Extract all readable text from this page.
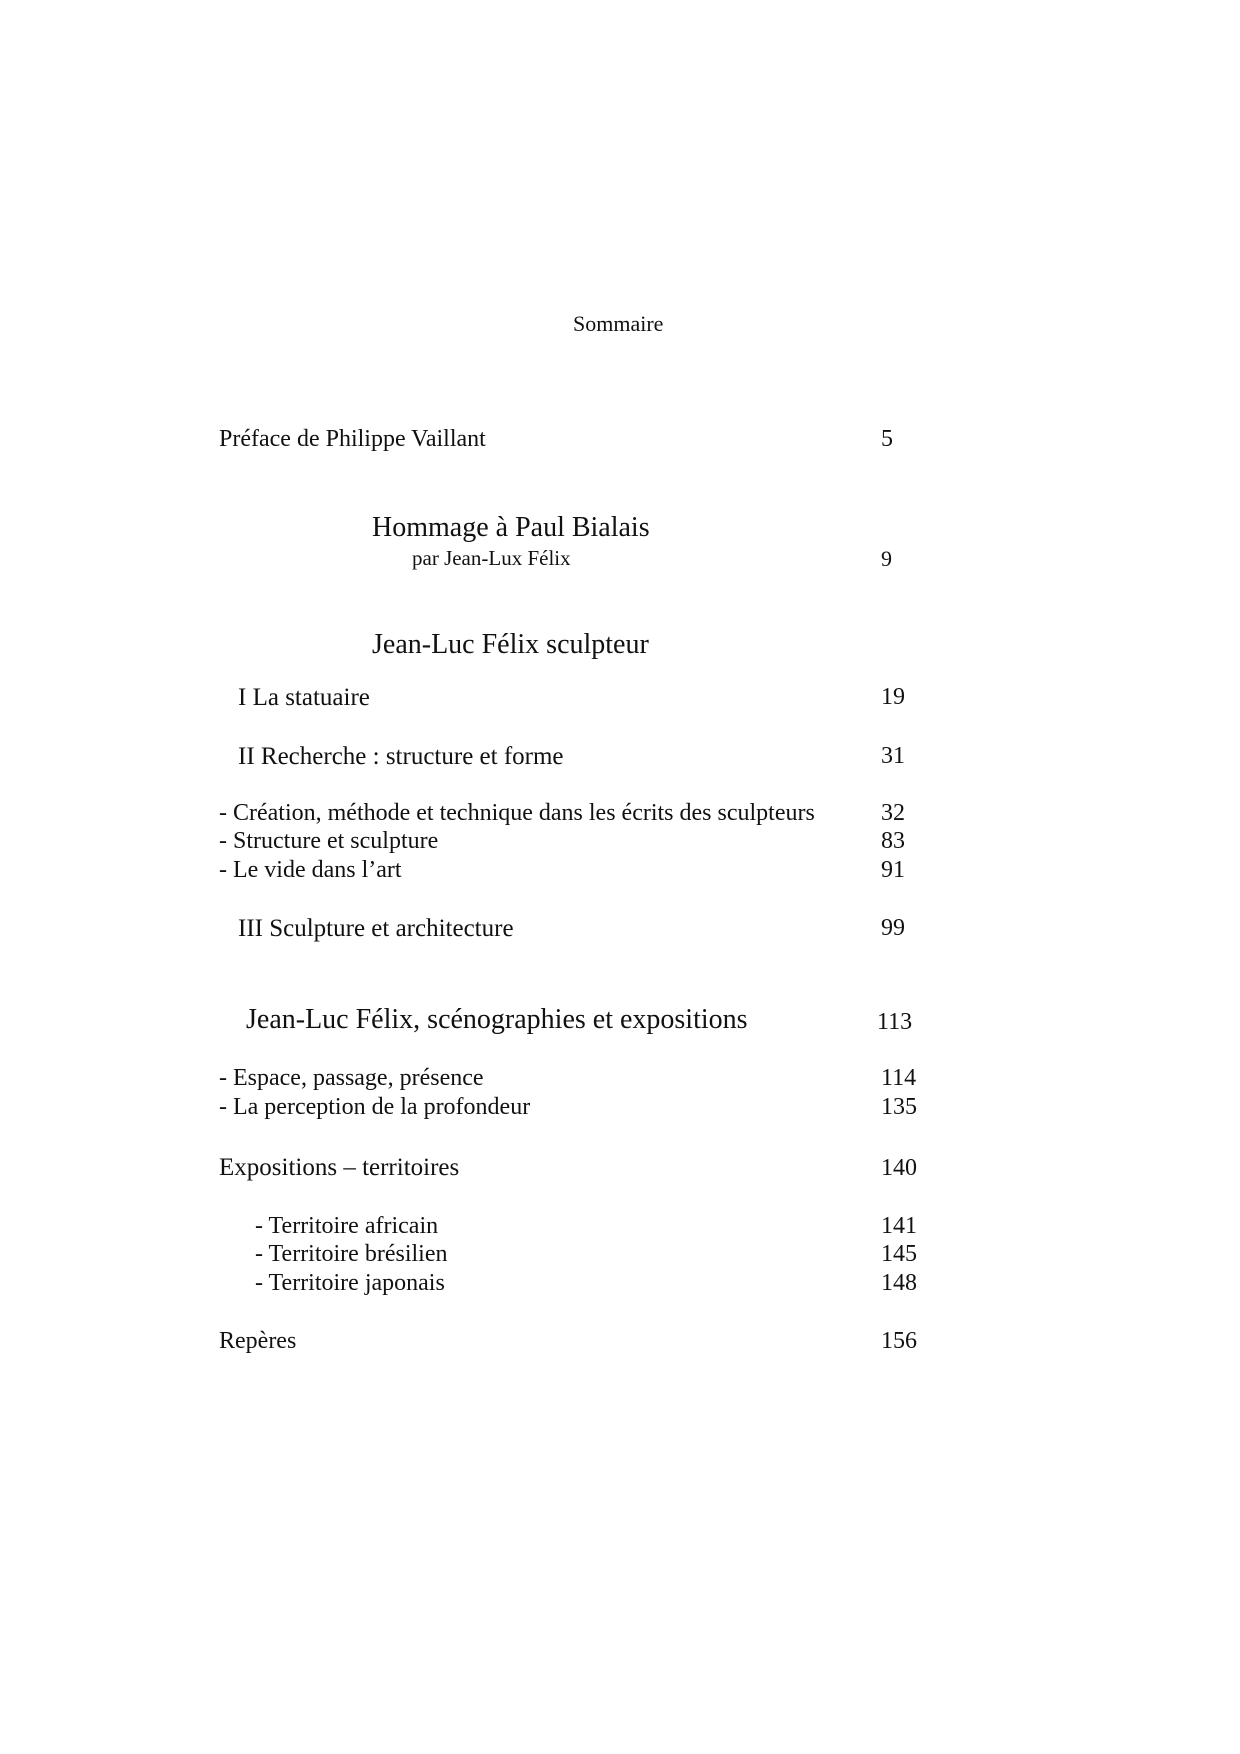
Sommaire
Préface de Philippe Vaillant	5
Hommage à Paul Bialais
par Jean-Lux Félix	9
Jean-Luc Félix sculpteur
I La statuaire	19
II Recherche : structure et forme	31
- Création, méthode et technique dans les écrits des sculpteurs	32
- Structure et sculpture	83
- Le vide dans l’art	91
III Sculpture et architecture	99
Jean-Luc Félix, scénographies et expositions	113
- Espace, passage, présence	114
- La perception de la profondeur	135
Expositions – territoires	140
- Territoire africain	141
- Territoire brésilien	145
- Territoire japonais	148
Repères	156
